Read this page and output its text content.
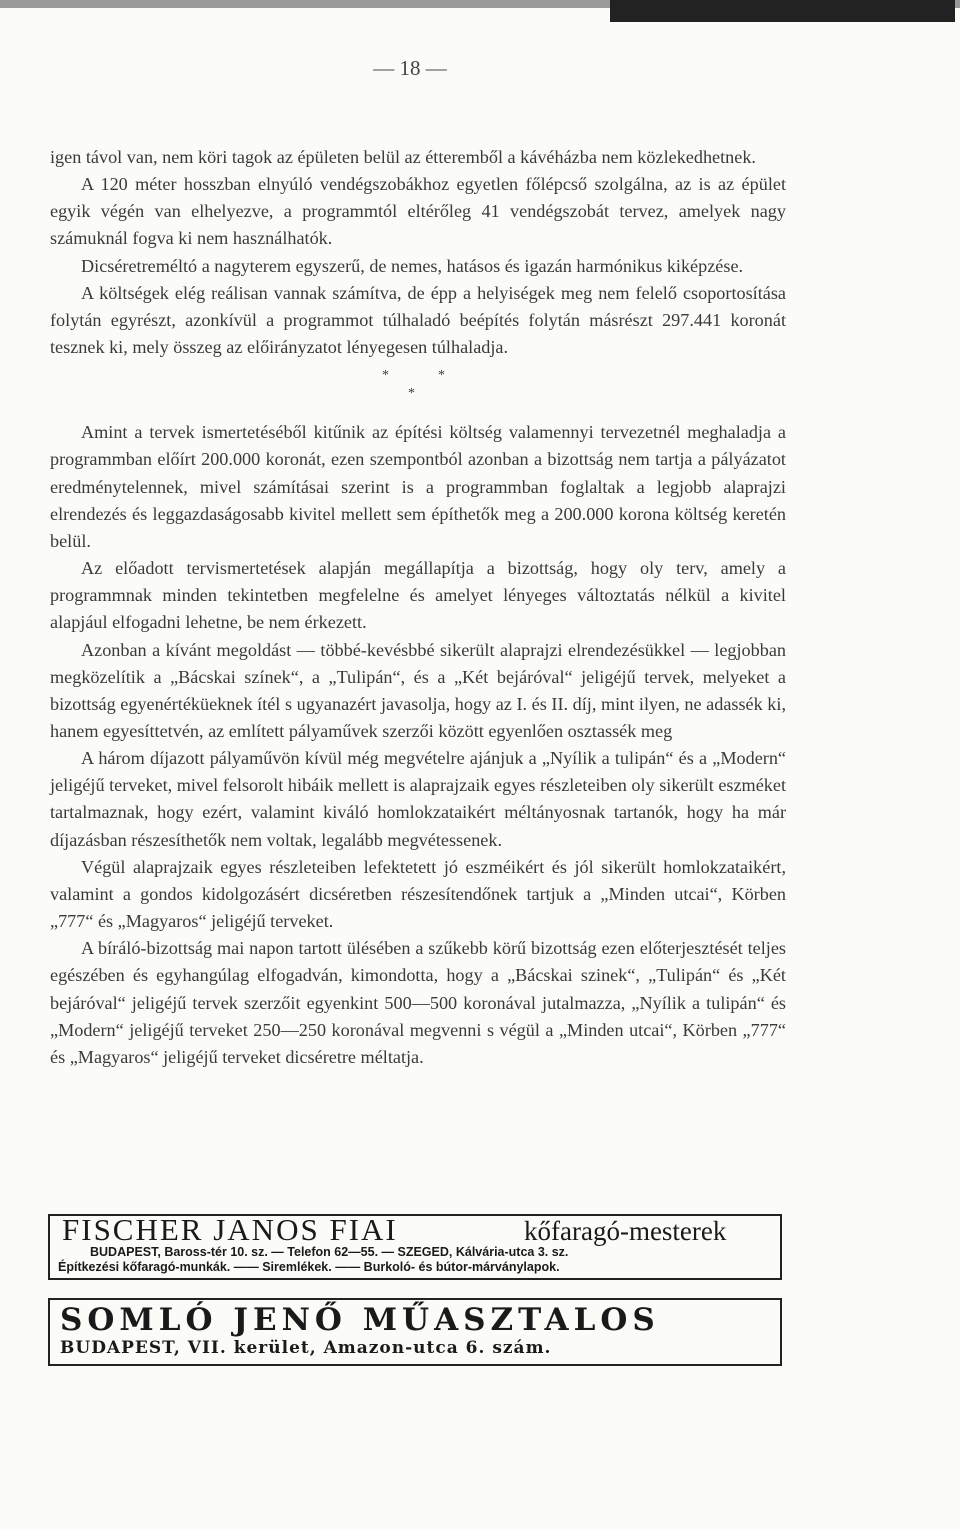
— 18 —

igen távol van, nem köri tagok az épületen belül az étteremből a kávéházba nem közlekedhetnek.

A 120 méter hosszban elnyúló vendégszobákhoz egyetlen főlépcső szolgálna, az is az épület egyik végén van elhelyezve, a programmtól eltérőleg 41 vendégszobát tervez, amelyek nagy számuknál fogva ki nem használhatók.

Dicséretreméltó a nagyterem egyszerű, de nemes, hatásos és igazán harmónikus kiképzése.

A költségek elég reálisan vannak számítva, de épp a helyiségek meg nem felelő csoportosítása folytán egyrészt, azonkívül a programmot túlhaladó beépítés folytán másrészt 297.441 koronát tesznek ki, mely összeg az előirányzatot lényegesen túlhaladja.

*	*
*

Amint a tervek ismertetéséből kitűnik az építési költség valamennyi tervezetnél meghaladja a programmban előírt 200.000 koronát, ezen szempontból azonban a bizottság nem tartja a pályázatot eredménytelennek, mivel számításai szerint is a programmban foglaltak a legjobb alaprajzi elrendezés és leggazdaságosabb kivitel mellett sem építhetők meg a 200.000 korona költség keretén belül.

Az előadott tervismertetések alapján megállapítja a bizottság, hogy oly terv, amely a programmnak minden tekintetben megfelelne és amelyet lényeges változtatás nélkül a kivitel alapjául elfogadni lehetne, be nem érkezett.

Azonban a kívánt megoldást — többé-kevésbbé sikerült alaprajzi elrendezésükkel — legjobban megközelítik a „Bácskai színek“, a „Tulipán“, és a „Két bejáróval“ jeligéjű tervek, melyeket a bizottság egyenértéküeknek ítél s ugyanazért javasolja, hogy az I. és II. díj, mint ilyen, ne adassék ki, hanem egyesíttetvén, az említett pályaművek szerzői között egyenlően osztassék meg

A három díjazott pályaművön kívül még megvételre ajánjuk a „Nyílik a tulipán“ és a „Modern“ jeligéjű terveket, mivel felsorolt hibáik mellett is alaprajzaik egyes részleteiben oly sikerült eszméket tartalmaznak, hogy ezért, valamint kiváló homlokzataikért méltányosnak tartanók, hogy ha már díjazásban részesíthetők nem voltak, legalább megvétessenek.

Végül alaprajzaik egyes részleteiben lefektetett jó eszméikért és jól sikerült homlokzataikért, valamint a gondos kidolgozásért dicséretben részesítendőnek tartjuk a „Minden utcai“, Körben „777“ és „Magyaros“ jeligéjű terveket.

A bíráló-bizottság mai napon tartott ülésében a szűkebb körű bizottság ezen előterjesztését teljes egészében és egyhangúlag elfogadván, kimondotta, hogy a „Bácskai szinek“, „Tulipán“ és „Két bejáróval“ jeligéjű tervek szerzőit egyenkint 500—500 koronával jutalmazza, „Nyílik a tulipán“ és „Modern“ jeligéjű terveket 250—250 koronával megvenni s végül a „Minden utcai“, Körben „777“ és „Magyaros“ jeligéjű terveket dicséretre méltatja.

FISCHER JANOS FIAI	kőfaragó-mesterek
BUDAPEST, Baross-tér 10. sz. — Telefon 62—55. — SZEGED, Kálvária-utca 3. sz.
Építkezési kőfaragó-munkák. —— Siremlékek. —— Burkoló- és bútor-márványlapok.
SOMLÓ JENŐ MŰASZTALOS
BUDAPEST, VII. kerület, Amazon-utca 6. szám.
